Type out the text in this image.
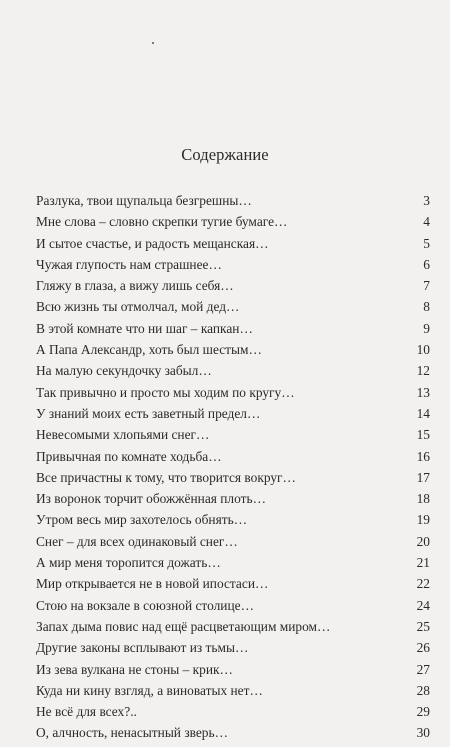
Содержание
Разлука, твои щупальца безгрешны…	3
Мне слова – словно скрепки тугие бумаге…	4
И сытое счастье, и радость мещанская…	5
Чужая глупость нам страшнее…	6
Гляжу в глаза, а вижу лишь себя…	7
Всю жизнь ты отмолчал, мой дед…	8
В этой комнате что ни шаг – капкан…	9
А Папа Александр, хоть был шестым…	10
На малую секундочку забыл…	12
Так привычно и просто мы ходим по кругу…	13
У знаний моих есть заветный предел…	14
Невесомыми хлопьями снег…	15
Привычная по комнате ходьба…	16
Все причастны к тому, что творится вокруг…	17
Из воронок торчит обожжённая плоть…	18
Утром весь мир захотелось обнять…	19
Снег – для всех одинаковый снег…	20
А мир меня торопится дожать…	21
Мир открывается не в новой ипостаси…	22
Стою на вокзале в союзной столице…	24
Запах дыма повис над ещё расцветающим миром…	25
Другие законы всплывают из тьмы…	26
Из зева вулкана не стоны – крик…	27
Куда ни кину взгляд, а виноватых нет…	28
Не всё для всех?..	29
О, алчность, ненасытный зверь…	30
